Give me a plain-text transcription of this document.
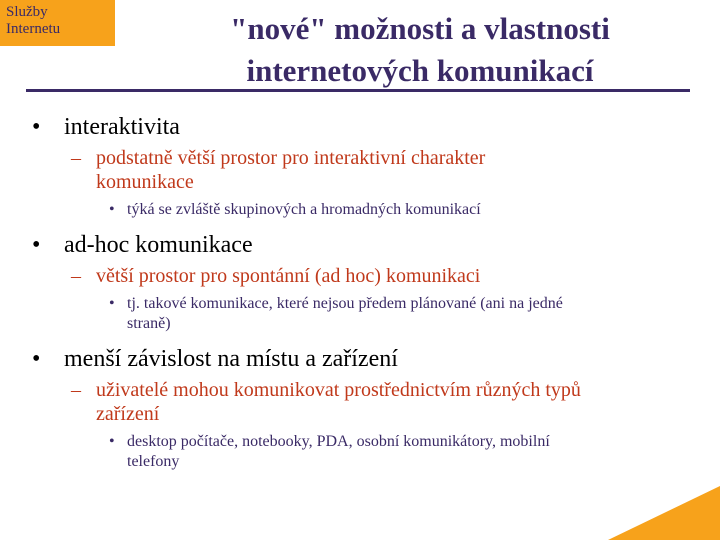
Služby
Internetu	"nové" možnosti a vlastnosti
internetových komunikací
• interaktivita
– podstatně větší prostor pro interaktivní charakter
komunikace
• týká se zvláště skupinových a hromadných komunikací
• ad-hoc komunikace
– větší prostor pro spontánní (ad hoc) komunikaci
• tj. takové komunikace, které nejsou předem plánované (ani na jedné
straně)
• menší závislost na místu a zařízení
– uživatelé mohou komunikovat prostřednictvím různých typů
zařízení
• desktop počítače, notebooky, PDA, osobní komunikátory, mobilní
telefony
